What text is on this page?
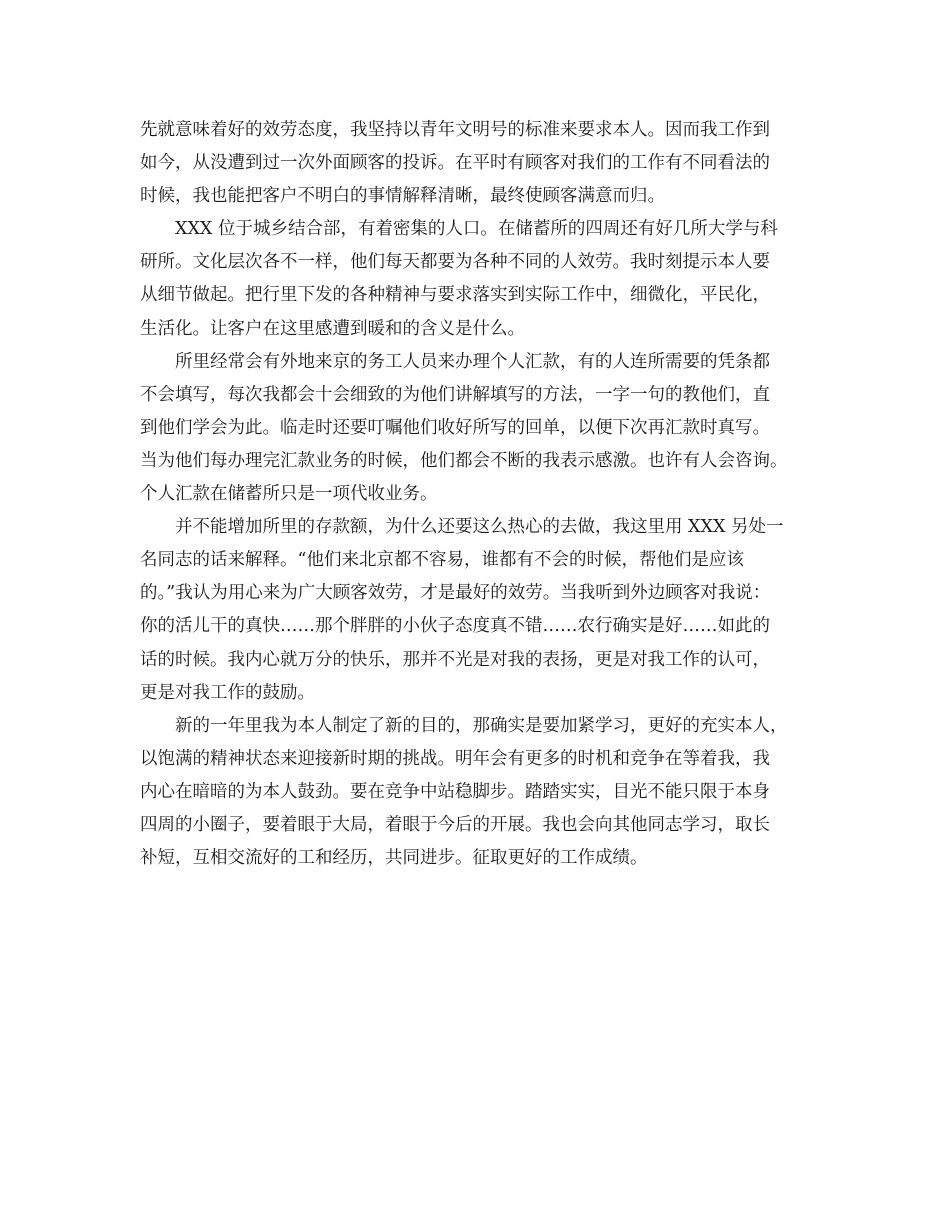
先就意味着好的效劳态度，我坚持以青年文明号的标准来要求本人。因而我工作到
如今，从没遭到过一次外面顾客的投诉。在平时有顾客对我们的工作有不同看法的
时候，我也能把客户不明白的事情解释清晰，最终使顾客满意而归。
XXX 位于城乡结合部，有着密集的人口。在储蓄所的四周还有好几所大学与科
研所。文化层次各不一样，他们每天都要为各种不同的人效劳。我时刻提示本人要
从细节做起。把行里下发的各种精神与要求落实到实际工作中，细微化，平民化，
生活化。让客户在这里感遭到暖和的含义是什么。
所里经常会有外地来京的务工人员来办理个人汇款，有的人连所需要的凭条都
不会填写，每次我都会十会细致的为他们讲解填写的方法，一字一句的教他们，直
到他们学会为此。临走时还要叮嘱他们收好所写的回单，以便下次再汇款时真写。
当为他们每办理完汇款业务的时候，他们都会不断的我表示感激。也许有人会咨询。
个人汇款在储蓄所只是一项代收业务。
并不能增加所里的存款额，为什么还要这么热心的去做，我这里用 XXX 另处一
名同志的话来解释。“他们来北京都不容易，谁都有不会的时候，帮他们是应该
的。”我认为用心来为广大顾客效劳，才是最好的效劳。当我听到外边顾客对我说：
你的活儿干的真快……那个胖胖的小伙子态度真不错……农行确实是好……如此的
话的时候。我内心就万分的快乐，那并不光是对我的表扬，更是对我工作的认可，
更是对我工作的鼓励。
新的一年里我为本人制定了新的目的，那确实是要加紧学习，更好的充实本人，
以饱满的精神状态来迎接新时期的挑战。明年会有更多的时机和竞争在等着我，我
内心在暗暗的为本人鼓劲。要在竞争中站稳脚步。踏踏实实，目光不能只限于本身
四周的小圈子，要着眼于大局，着眼于今后的开展。我也会向其他同志学习，取长
补短，互相交流好的工和经历，共同进步。征取更好的工作成绩。
